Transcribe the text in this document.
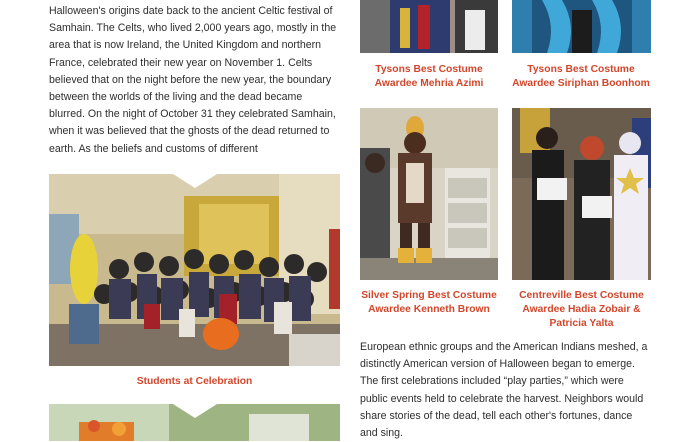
Halloween's origins date back to the ancient Celtic festival of Samhain. The Celts, who lived 2,000 years ago, mostly in the area that is now Ireland, the United Kingdom and northern France, celebrated their new year on November 1. Celts believed that on the night before the new year, the boundary between the worlds of the living and the dead became blurred. On the night of October 31 they celebrated Samhain, when it was believed that the ghosts of the dead returned to earth. As the beliefs and customs of different

Students at Celebration
Tysons Best Costume Awardee Mehria Azimi
Tysons Best Costume Awardee Siriphan Boonhom
Silver Spring Best Costume Awardee Kenneth Brown
Centreville Best Costume Awardee Hadia Zobair & Patricia Yalta

European ethnic groups and the American Indians meshed, a distinctly American version of Halloween began to emerge. The first celebrations included “play parties,” which were public events held to celebrate the harvest. Neighbors would share stories of the dead, tell each other's fortunes, dance and sing.
